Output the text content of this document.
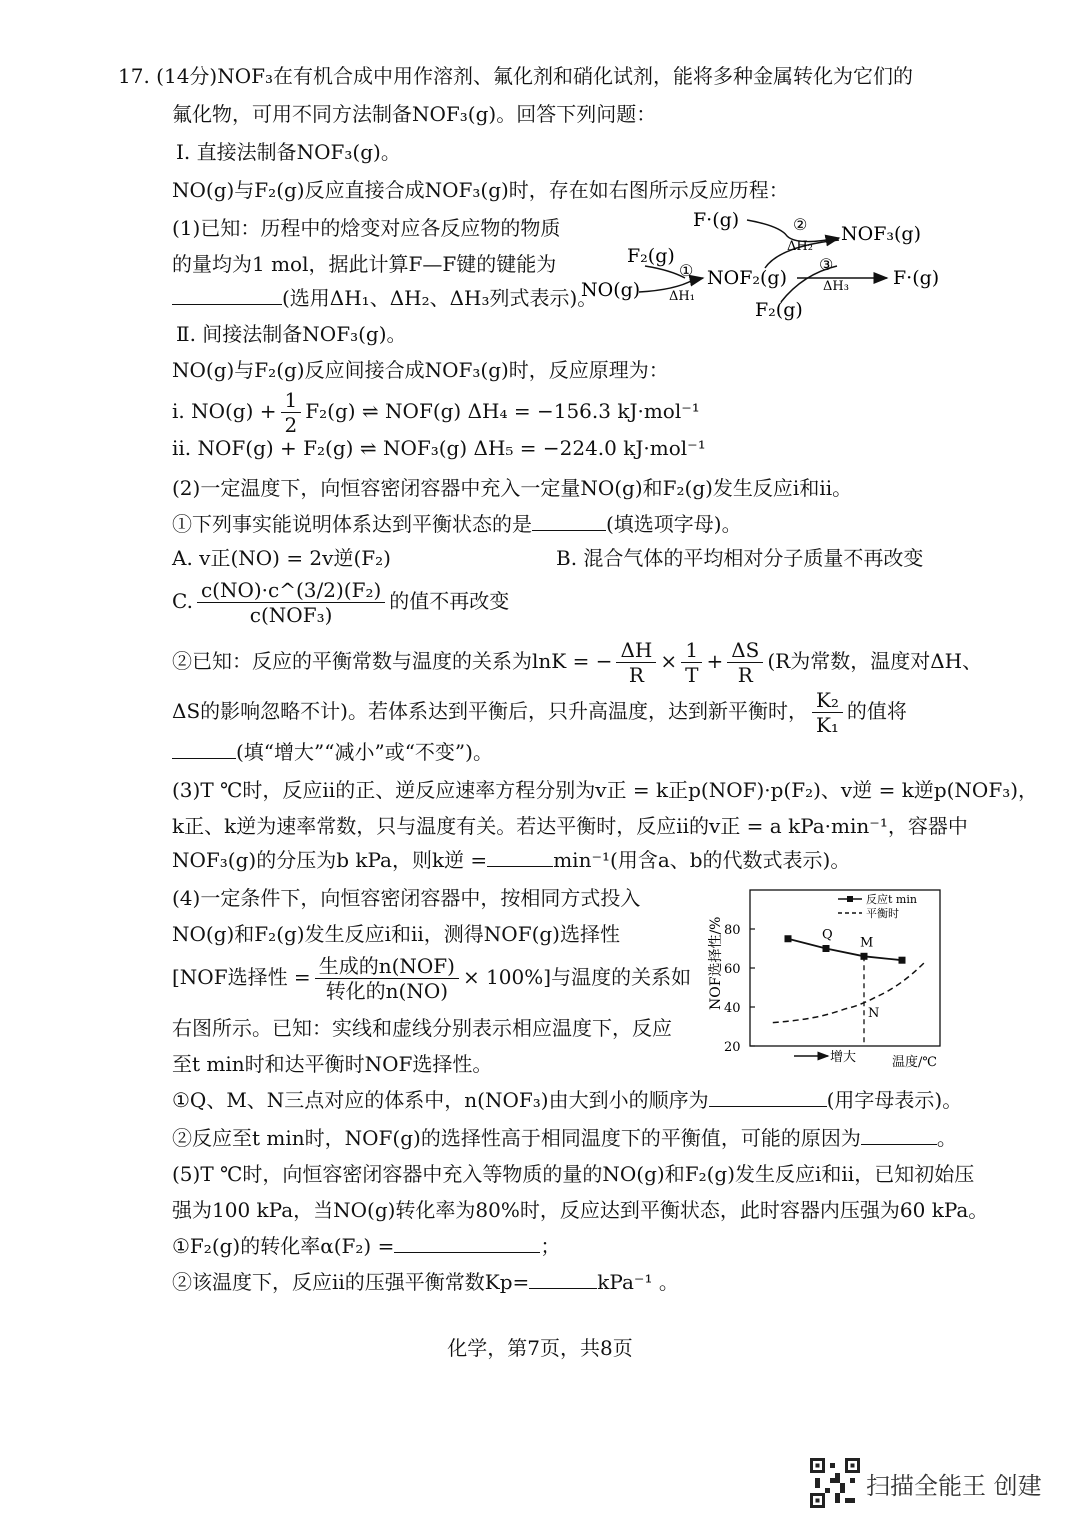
17. (14分)NOF₃在有机合成中用作溶剂、氟化剂和硝化试剂，能将多种金属转化为它们的
氟化物，可用不同方法制备NOF₃(g)。回答下列问题：
Ⅰ. 直接法制备NOF₃(g)。
NO(g)与F₂(g)反应直接合成NOF₃(g)时，存在如右图所示反应历程：
(1)已知：历程中的焓变对应各反应物的物质
的量均为1 mol，据此计算F—F键的键能为
(选用ΔH₁、ΔH₂、ΔH₃列式表示)。
F·(g)	②
ΔH₂
NOF₃(g)
F₂(g)
① NOF₂(g)
③
F·(g)
NO(g) ΔH₁
ΔH₃
F₂(g)
Ⅱ. 间接法制备NOF₃(g)。
NO(g)与F₂(g)反应间接合成NOF₃(g)时，反应原理为：
ⅰ. $NO(g) + \frac{1}{2} F_2(g)$ ⇌ NOF(g) ΔH₄ = −156.3 kJ·mol⁻¹
ⅱ. NOF(g) + F₂(g) ⇌ NOF₃(g) ΔH₅ = −224.0 kJ·mol⁻¹
(2)一定温度下，向恒容密闭容器中充入一定量NO(g)和F₂(g)发生反应ⅰ和ⅱ。
①下列事实能说明体系达到平衡状态的是	(填选项字母)。
A. v正(NO) = 2v逆(F₂)	B. 混合气体的平均相对分子质量不再改变
C. $\frac{\text{c(NO)·c\textasciicircum{}(3/2)(F₂)}}{\text{c(NOF₃)}}$ 的值不再改变
②已知：反应的平衡常数与温度的关系为lnK = − $\frac{\Delta H}{R} \times \frac{1}{T} + \frac{\Delta S}{R} (R$为常数，温度对ΔH、
ΔS的影响忽略不计)。若体系达到平衡后，只升高温度，达到新平衡时， $\frac{\text{K₂}}{\text{K₁}}$ 的值将
(填“增大”“减小”或“不变”)。
(3)T ℃时，反应ⅱ的正、逆反应速率方程分别为v正 = k正p(NOF)·p(F₂)、v逆 = k逆p(NOF₃)，
k正、k逆为速率常数，只与温度有关。若达平衡时，反应ⅱ的v正 = a kPa·min⁻¹，容器中
NOF₃(g)的分压为b kPa，则k逆 =	min⁻¹(用含a、b的代数式表示)。
(4)一定条件下，向恒容密闭容器中，按相同方式投入
NO(g)和F₂(g)发生反应ⅰ和ⅱ，测得NOF(g)选择性
[NOF选择性 = $\frac{\text{生成的n(NOF)}}{\text{转化的n(NO)}} \times 100\%$]与温度的关系如
右图所示。已知：实线和虚线分别表示相应温度下，反应
至t min时和达平衡时NOF选择性。
NOF选择性/% 80
60
40
20
反应t min
平衡时
Q
M
N
增大	温度/℃
①Q、M、N三点对应的体系中，n(NOF₃)由大到小的顺序为	(用字母表示)。
②反应至t min时，NOF(g)的选择性高于相同温度下的平衡值，可能的原因为	。
(5)T ℃时，向恒容密闭容器中充入等物质的量的NO(g)和F₂(g)发生反应ⅰ和ⅱ，已知初始压
强为100 kPa，当NO(g)转化率为80%时，反应达到平衡状态，此时容器内压强为60 kPa。
①F₂(g)的转化率α(F₂) =	；
②该温度下，反应ⅱ的压强平衡常数Kp=	kPa⁻¹ 。
化学，第7页，共8页
扫描全能王 创建
